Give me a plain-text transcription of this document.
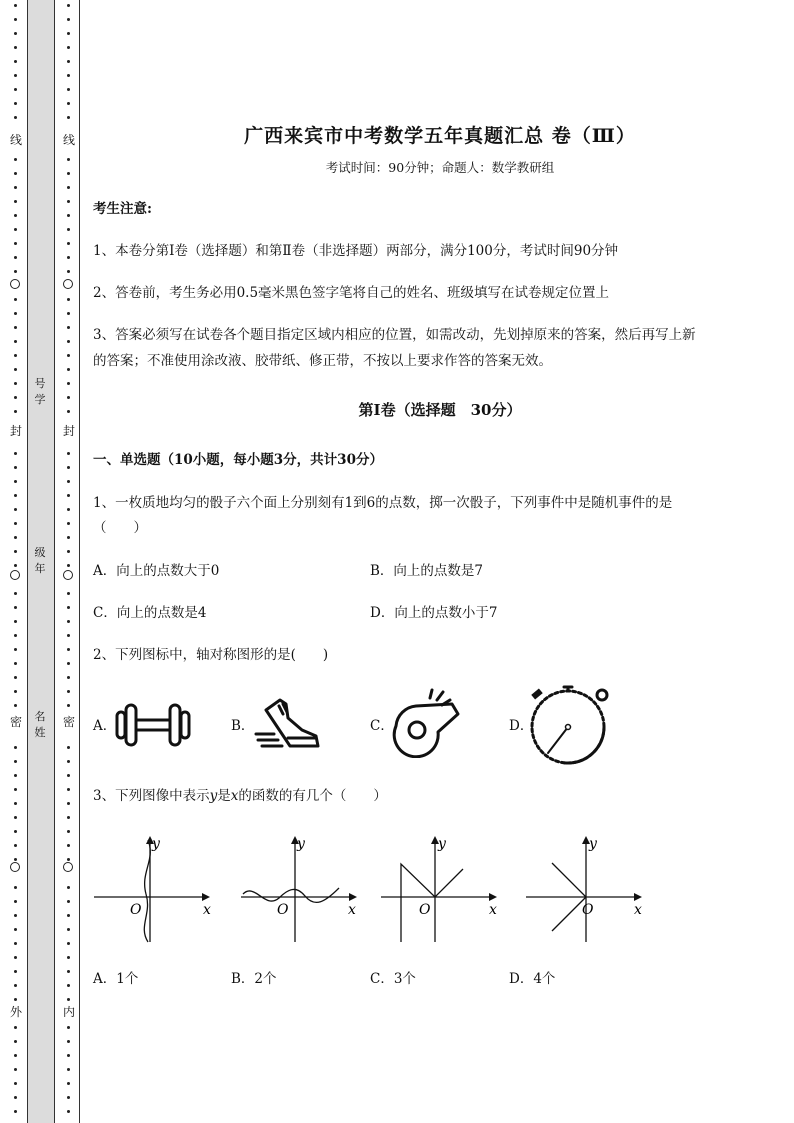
线
封
密
外
线
封
密
内
号
学
级
年
名
姓
广西来宾市中考数学五年真题汇总 卷（Ⅲ）
考试时间：90分钟；命题人：数学教研组
考生注意:
1、本卷分第Ⅰ卷（选择题）和第Ⅱ卷（非选择题）两部分，满分100分，考试时间90分钟
2、答卷前，考生务必用0.5毫米黑色签字笔将自己的姓名、班级填写在试卷规定位置上
3、答案必须写在试卷各个题目指定区域内相应的位置，如需改动，先划掉原来的答案，然后再写上新
的答案；不准使用涂改液、胶带纸、修正带，不按以上要求作答的答案无效。
第Ⅰ卷（选择题　30分）
一、单选题（10小题，每小题3分，共计30分）
1、一枚质地均匀的骰子六个面上分别刻有1到6的点数，掷一次骰子，下列事件中是随机事件的是
（　　）
A．向上的点数大于0	B．向上的点数是7
C．向上的点数是4	D．向上的点数小于7
2、下列图标中，轴对称图形的是(　　)
A．	B．	C．	D．
3、下列图像中表示y是x的函数的有几个（　　）
y
x
O
y
x
O
y
x
O
y
x
O
A．1个	B．2个	C．3个	D．4个
